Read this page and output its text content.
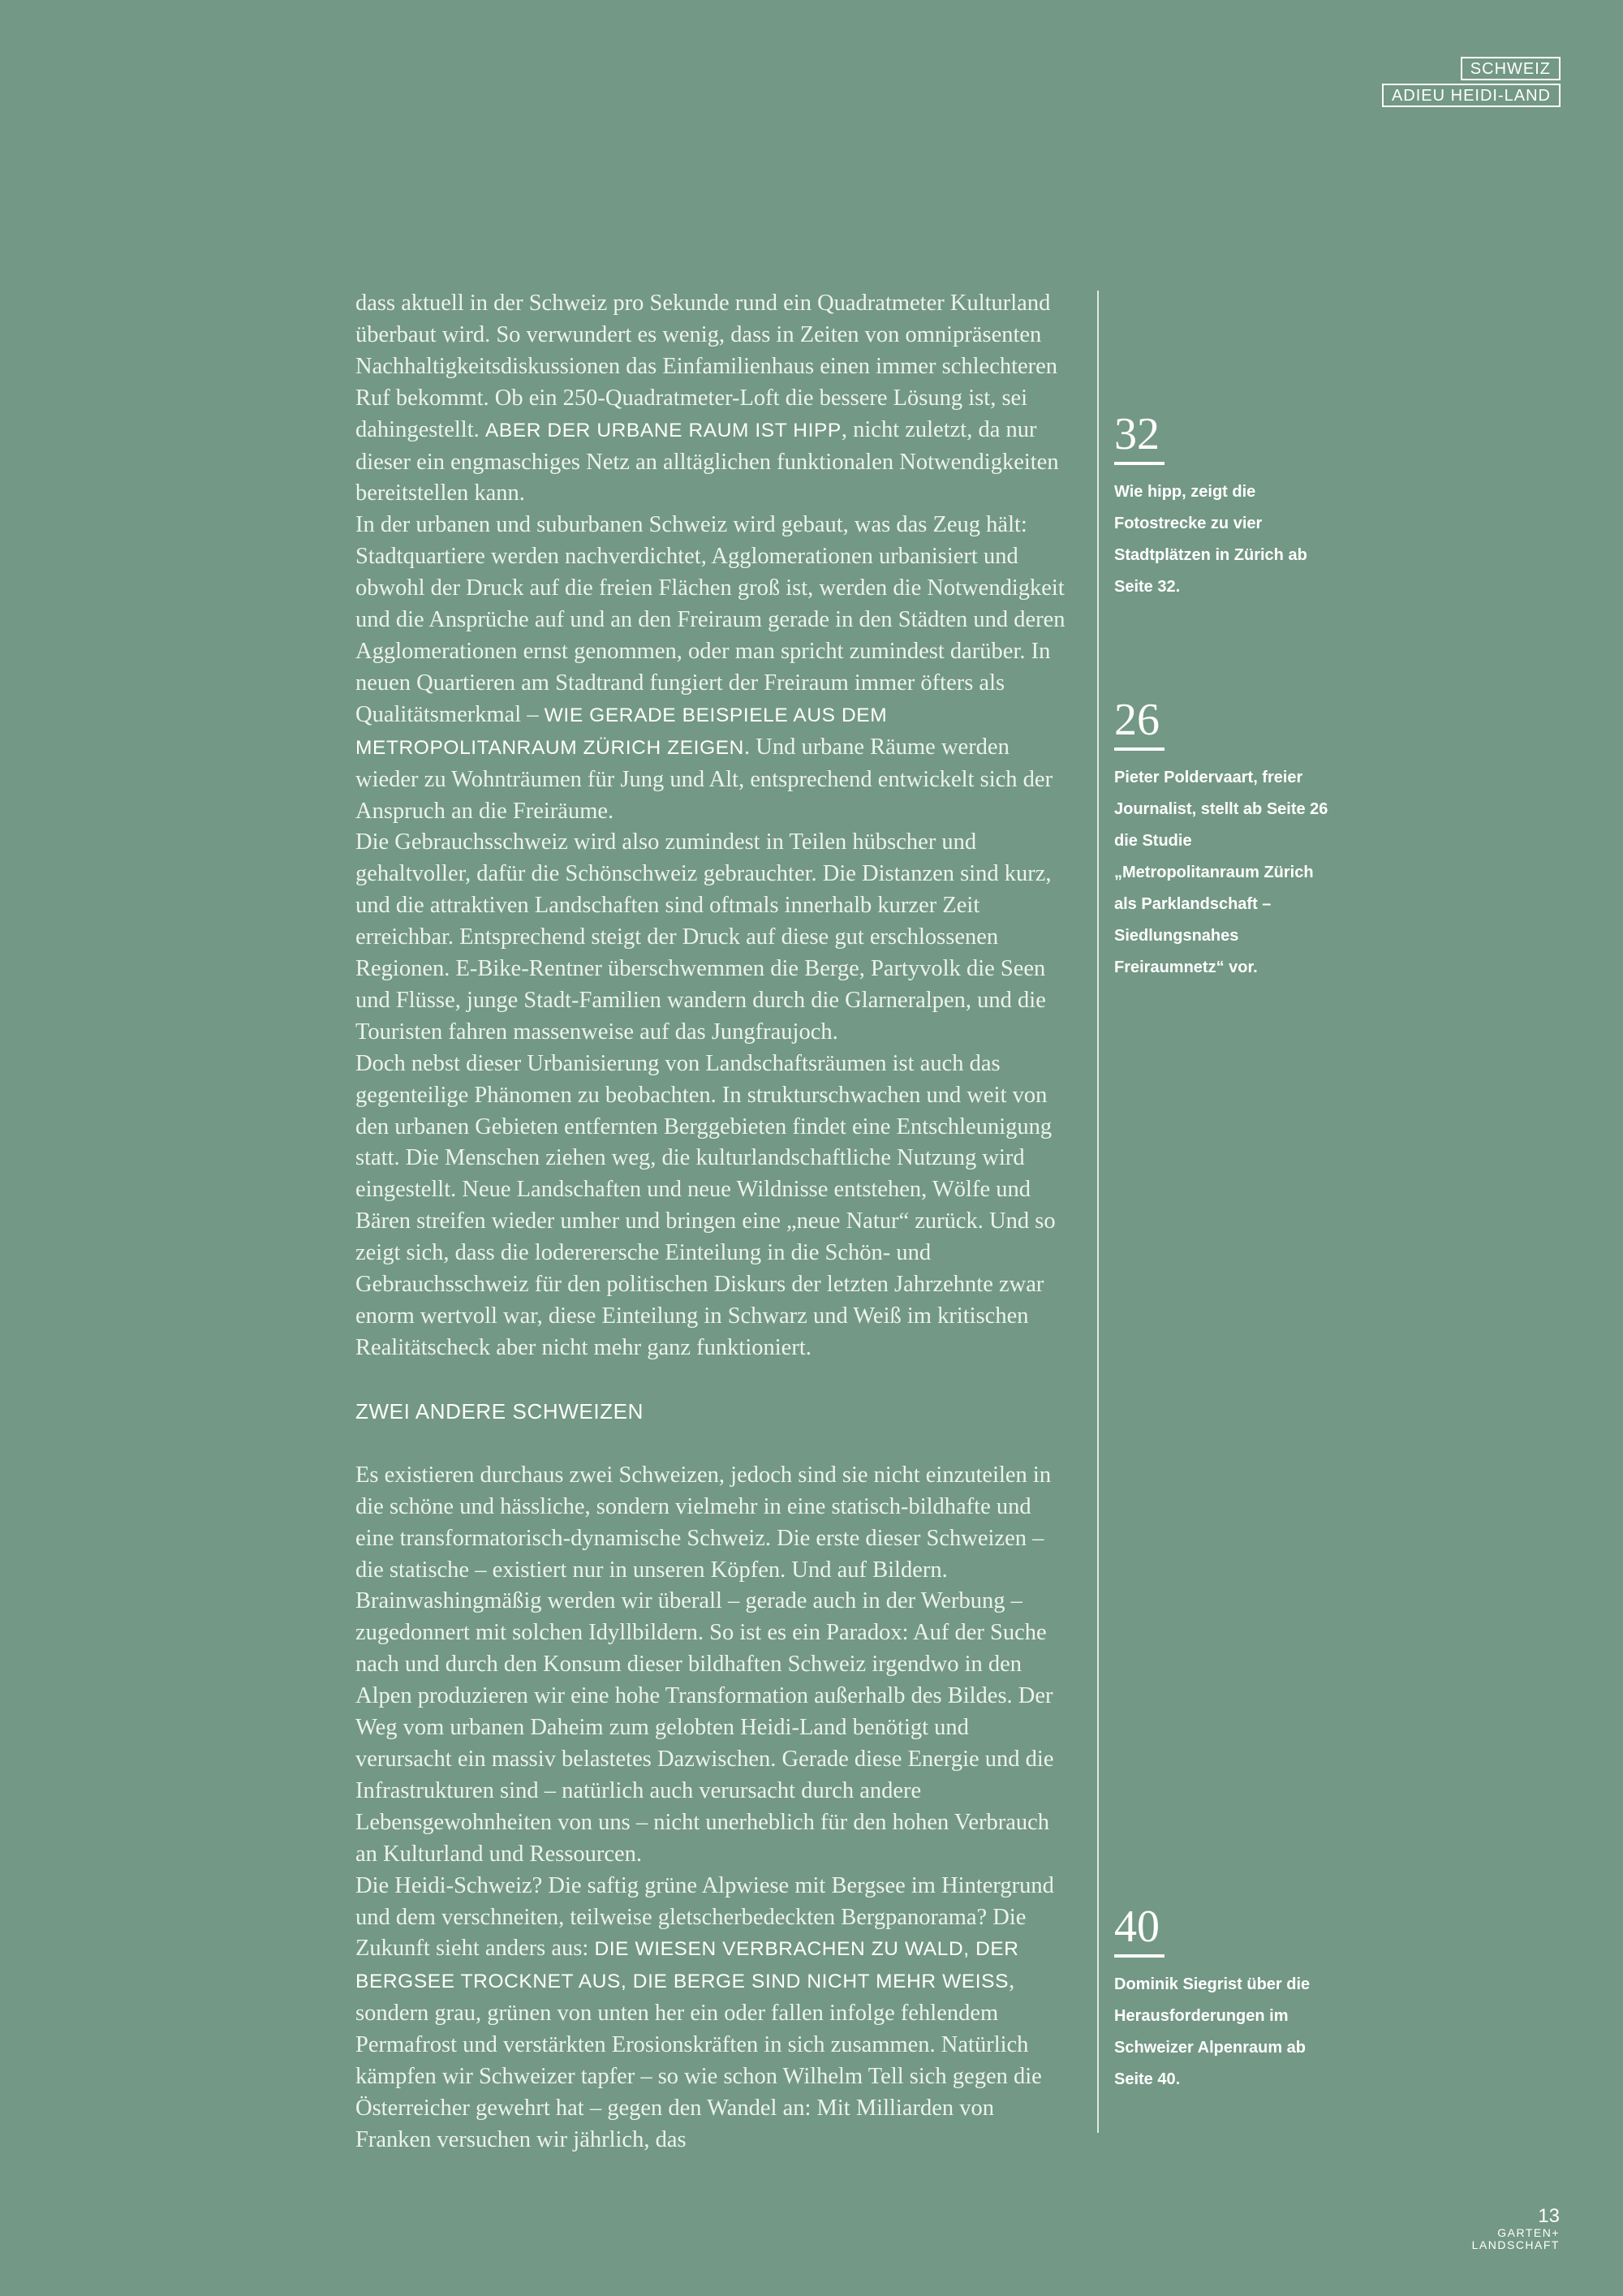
SCHWEIZ
ADIEU HEIDI-LAND

dass aktuell in der Schweiz pro Sekunde rund ein Quadratmeter Kulturland überbaut wird. So verwundert es wenig, dass in Zeiten von omnipräsenten Nachhaltigkeitsdiskussionen das Einfamilienhaus einen immer schlechteren Ruf bekommt. Ob ein 250-Quadratmeter-Loft die bessere Lösung ist, sei dahingestellt. ABER DER URBANE RAUM IST HIPP, nicht zuletzt, da nur dieser ein engmaschiges Netz an alltäglichen funktionalen Notwendigkeiten bereitstellen kann.

In der urbanen und suburbanen Schweiz wird gebaut, was das Zeug hält: Stadtquartiere werden nachverdichtet, Agglomerationen urbanisiert und obwohl der Druck auf die freien Flächen groß ist, werden die Notwendigkeit und die Ansprüche auf und an den Freiraum gerade in den Städten und deren Agglomerationen ernst genommen, oder man spricht zumindest darüber. In neuen Quartieren am Stadtrand fungiert der Freiraum immer öfters als Qualitätsmerkmal – WIE GERADE BEISPIELE AUS DEM METROPOLITANRAUM ZÜRICH ZEIGEN. Und urbane Räume werden wieder zu Wohnträumen für Jung und Alt, entsprechend entwickelt sich der Anspruch an die Freiräume.

Die Gebrauchsschweiz wird also zumindest in Teilen hübscher und gehaltvoller, dafür die Schönschweiz gebrauchter. Die Distanzen sind kurz, und die attraktiven Landschaften sind oftmals innerhalb kurzer Zeit erreichbar. Entsprechend steigt der Druck auf diese gut erschlossenen Regionen. E-Bike-Rentner überschwemmen die Berge, Partyvolk die Seen und Flüsse, junge Stadt-Familien wandern durch die Glarneralpen, und die Touristen fahren massenweise auf das Jungfraujoch.

Doch nebst dieser Urbanisierung von Landschaftsräumen ist auch das gegenteilige Phänomen zu beobachten. In strukturschwachen und weit von den urbanen Gebieten entfernten Berggebieten findet eine Entschleunigung statt. Die Menschen ziehen weg, die kulturlandschaftliche Nutzung wird eingestellt. Neue Landschaften und neue Wildnisse entstehen, Wölfe und Bären streifen wieder umher und bringen eine „neue Natur“ zurück. Und so zeigt sich, dass die lodererersche Einteilung in die Schön- und Gebrauchsschweiz für den politischen Diskurs der letzten Jahrzehnte zwar enorm wertvoll war, diese Einteilung in Schwarz und Weiß im kritischen Realitätscheck aber nicht mehr ganz funktioniert.

ZWEI ANDERE SCHWEIZEN

Es existieren durchaus zwei Schweizen, jedoch sind sie nicht einzuteilen in die schöne und hässliche, sondern vielmehr in eine statisch-bildhafte und eine transformatorisch-dynamische Schweiz. Die erste dieser Schweizen – die statische – existiert nur in unseren Köpfen. Und auf Bildern. Brainwashingmäßig werden wir überall – gerade auch in der Werbung – zugedonnert mit solchen Idyllbildern. So ist es ein Paradox: Auf der Suche nach und durch den Konsum dieser bildhaften Schweiz irgendwo in den Alpen produzieren wir eine hohe Transformation außerhalb des Bildes. Der Weg vom urbanen Daheim zum gelobten Heidi-Land benötigt und verursacht ein massiv belastetes Dazwischen. Gerade diese Energie und die Infrastrukturen sind – natürlich auch verursacht durch andere Lebensgewohnheiten von uns – nicht unerheblich für den hohen Verbrauch an Kulturland und Ressourcen.

Die Heidi-Schweiz? Die saftig grüne Alpwiese mit Bergsee im Hintergrund und dem verschneiten, teilweise gletscherbedeckten Bergpanorama? Die Zukunft sieht anders aus: DIE WIESEN VERBRACHEN ZU WALD, DER BERGSEE TROCKNET AUS, DIE BERGE SIND NICHT MEHR WEISS, sondern grau, grünen von unten her ein oder fallen infolge fehlendem Permafrost und verstärkten Erosionskräften in sich zusammen. Natürlich kämpfen wir Schweizer tapfer – so wie schon Wilhelm Tell sich gegen die Österreicher gewehrt hat – gegen den Wandel an: Mit Milliarden von Franken versuchen wir jährlich, das

32
Wie hipp, zeigt die Fotostrecke zu vier Stadtplätzen in Zürich ab Seite 32.
26
Pieter Poldervaart, freier Journalist, stellt ab Seite 26 die Studie „Metropolitanraum Zürich als Parklandschaft – Siedlungsnahes Freiraumnetz“ vor.
40
Dominik Siegrist über die Herausforderungen im Schweizer Alpenraum ab Seite 40.
13
GARTEN+
LANDSCHAFT
